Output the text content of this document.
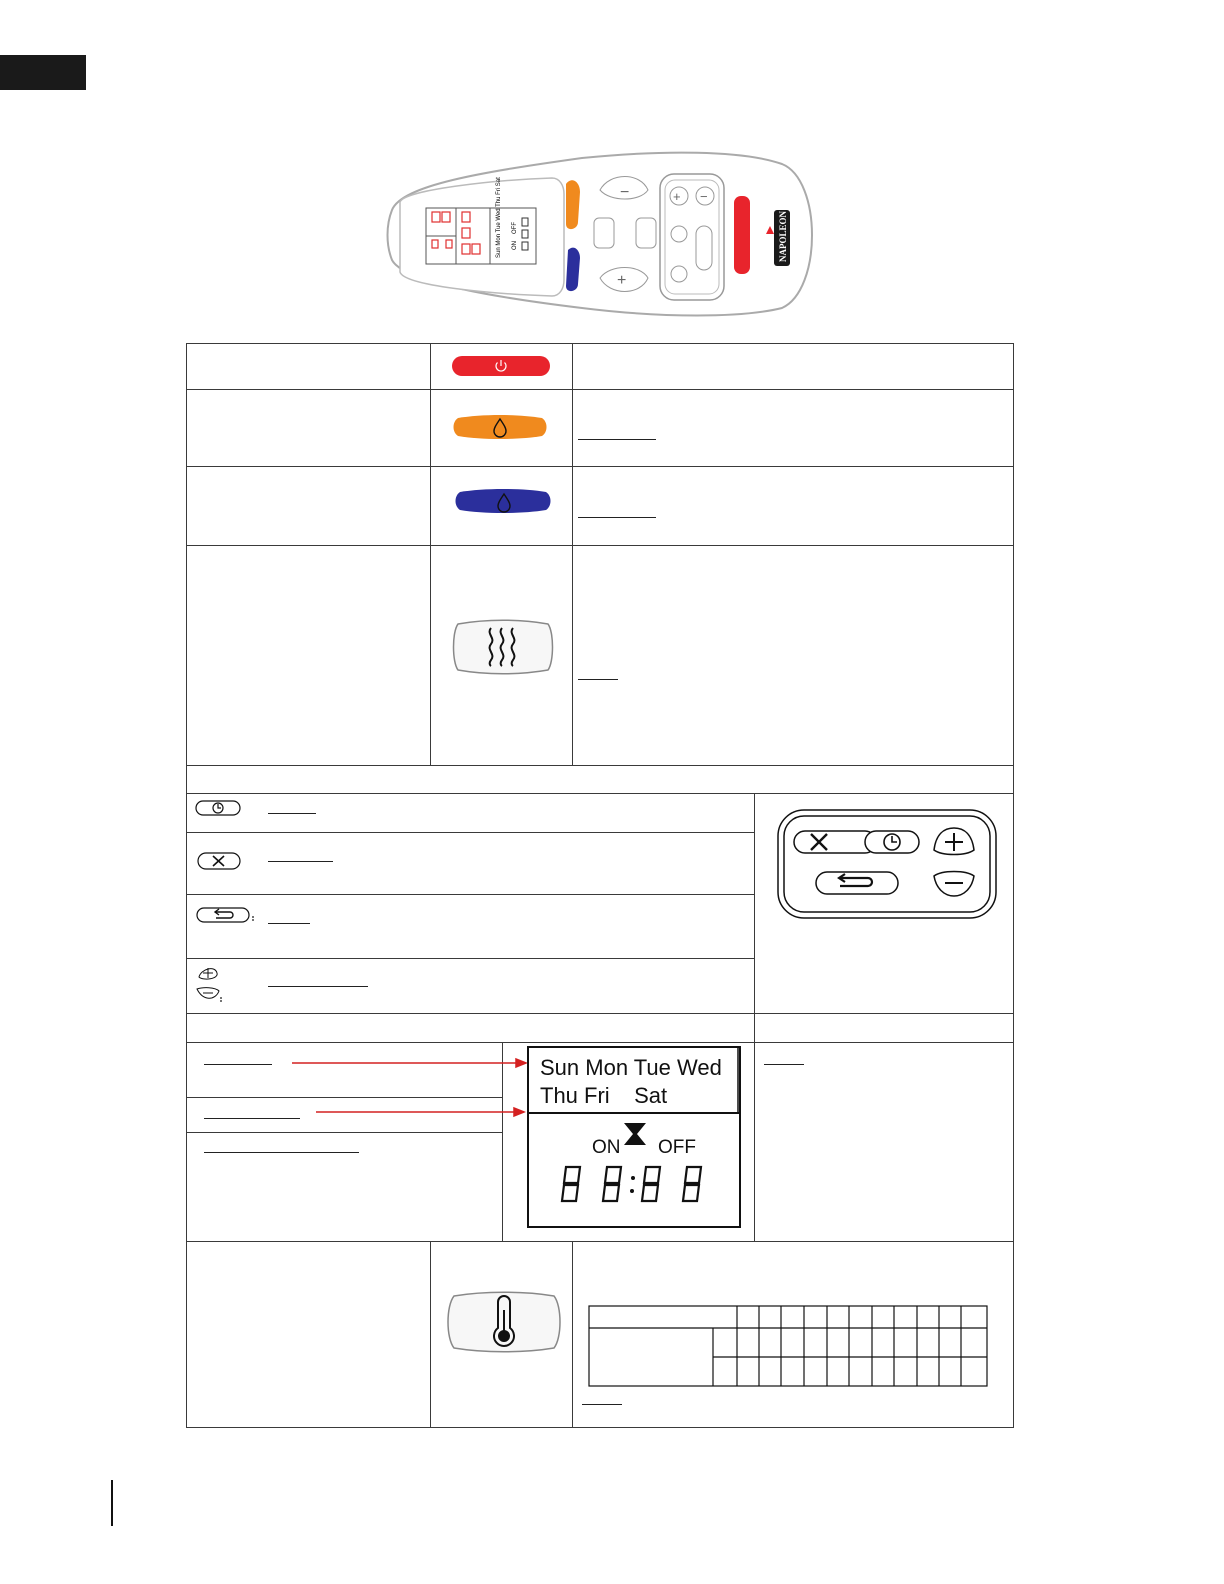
Sun Mon Tue Wed Thu Fri Sat ON
OFF
−
+
+ −
NAPOLEON
Sun Mon Tue Wed
Thu Fri    Sat
ON OFF
